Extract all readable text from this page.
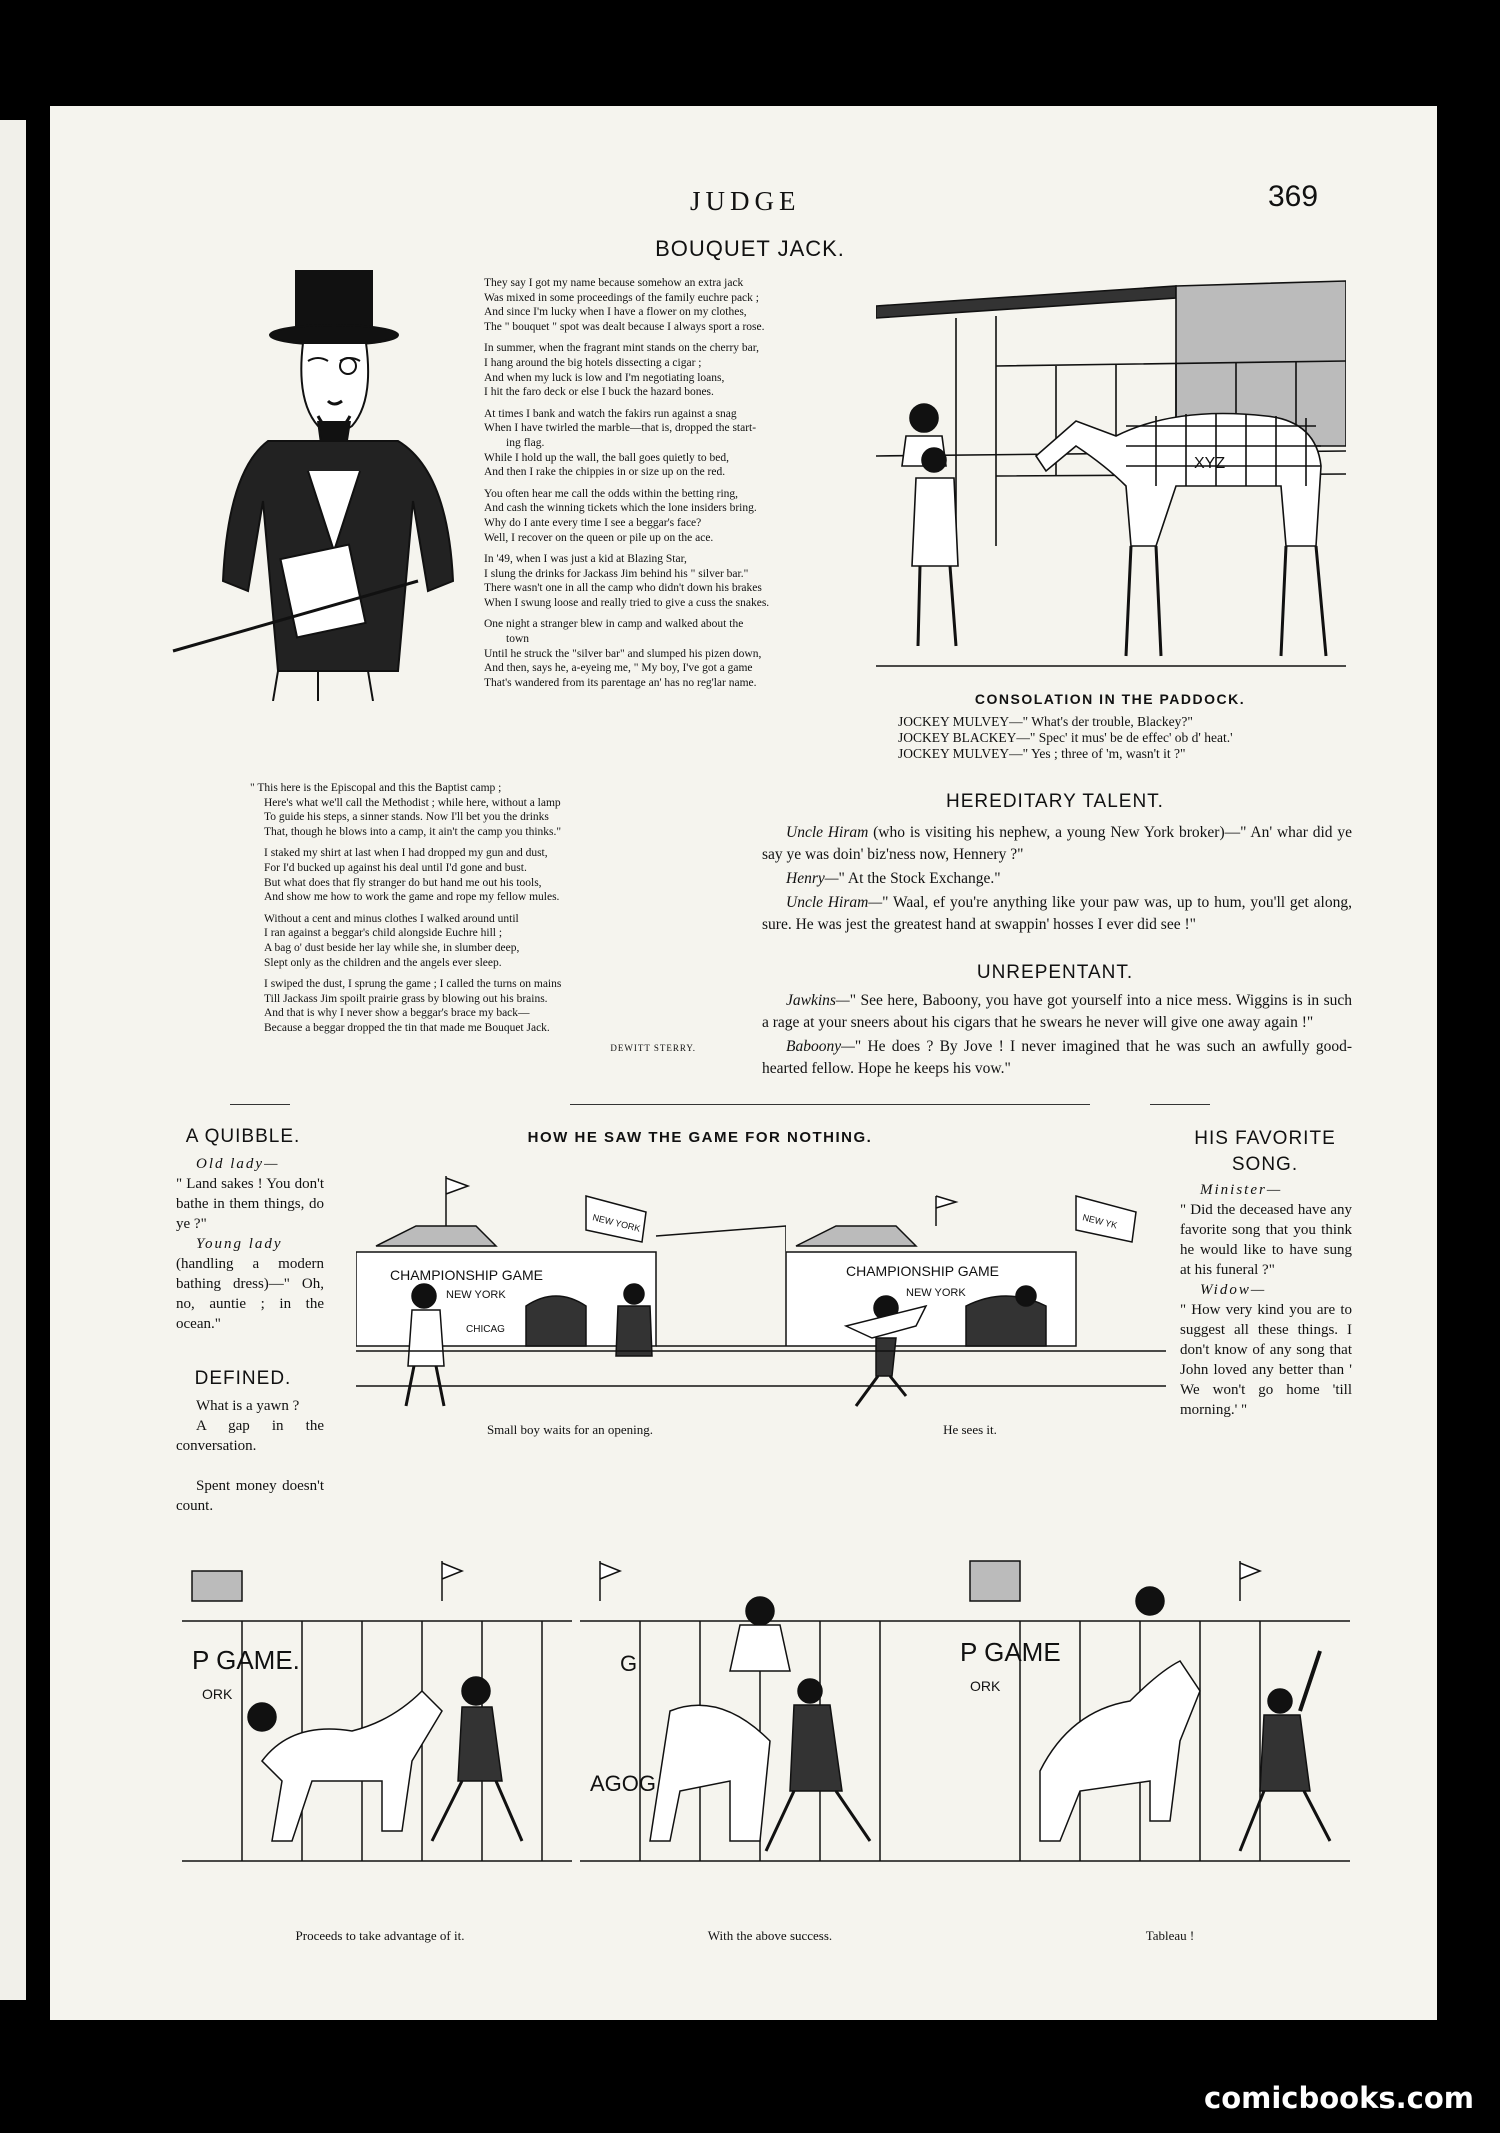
JUDGE	369
BOUQUET JACK.

They say I got my name because somehow an extra jack
Was mixed in some proceedings of the family euchre pack ;
And since I'm lucky when I have a flower on my clothes,
The " bouquet " spot was dealt because I always sport a rose.

In summer, when the fragrant mint stands on the cherry bar,
I hang around the big hotels dissecting a cigar ;
And when my luck is low and I'm negotiating loans,
I hit the faro deck or else I buck the hazard bones.

At times I bank and watch the fakirs run against a snag
When I have twirled the marble—that is, dropped the start-
ing flag.
While I hold up the wall, the ball goes quietly to bed,
And then I rake the chippies in or size up on the red.

You often hear me call the odds within the betting ring,
And cash the winning tickets which the lone insiders bring.
Why do I ante every time I see a beggar's face?
Well, I recover on the queen or pile up on the ace.

In '49, when I was just a kid at Blazing Star,
I slung the drinks for Jackass Jim behind his " silver bar."
There wasn't one in all the camp who didn't down his brakes
When I swung loose and really tried to give a cuss the snakes.

One night a stranger blew in camp and walked about the
town
Until he struck the "silver bar" and slumped his pizen down,
And then, says he, a-eyeing me, " My boy, I've got a game
That's wandered from its parentage an' has no reg'lar name.

" This here is the Episcopal and this the Baptist camp ;
Here's what we'll call the Methodist ; while here, without a lamp
To guide his steps, a sinner stands. Now I'll bet you the drinks
That, though he blows into a camp, it ain't the camp you thinks."

I staked my shirt at last when I had dropped my gun and dust,
For I'd bucked up against his deal until I'd gone and bust.
But what does that fly stranger do but hand me out his tools,
And show me how to work the game and rope my fellow mules.

Without a cent and minus clothes I walked around until
I ran against a beggar's child alongside Euchre hill ;
A bag o' dust beside her lay while she, in slumber deep,
Slept only as the children and the angels ever sleep.

I swiped the dust, I sprung the game ; I called the turns on mains
Till Jackass Jim spoilt prairie grass by blowing out his brains.
And that is why I never show a beggar's brace my back—
Because a beggar dropped the tin that made me Bouquet Jack.

DEWITT STERRY.
XYZ
CONSOLATION IN THE PADDOCK.
JOCKEY MULVEY—" What's der trouble, Blackey?"
JOCKEY BLACKEY—" Spec' it mus' be de effec' ob d' heat.'
JOCKEY MULVEY—" Yes ; three of 'm, wasn't it ?"
HEREDITARY TALENT.

Uncle Hiram (who is visiting his nephew, a young New York broker)—" An' whar did ye say ye was doin' biz'ness now, Hennery ?"

Henry—" At the Stock Exchange."

Uncle Hiram—" Waal, ef you're anything like your paw was, up to hum, you'll get along, sure. He was jest the greatest hand at swappin' hosses I ever did see !"

UNREPENTANT.

Jawkins—" See here, Baboony, you have got yourself into a nice mess. Wiggins is in such a rage at your sneers about his cigars that he swears he never will give one away again !"

Baboony—" He does ? By Jove ! I never imagined that he was such an awfully good-hearted fellow. Hope he keeps his vow."

A QUIBBLE.

Old lady—

" Land sakes ! You don't bathe in them things, do ye ?"

Young lady

(handling a modern bathing dress)—" Oh, no, auntie ; in the ocean."

DEFINED.

What is a yawn ?

A gap in the conversation.

Spent money doesn't count.

HOW HE SAW THE GAME FOR NOTHING.
CHAMPIONSHIP GAME
NEW YORK
CHICAG
NEW YORK
Small boy waits for an opening.
CHAMPIONSHIP GAME
NEW YORK
NEW YK
He sees it.
HIS FAVORITE SONG.

Minister—

" Did the deceased have any favorite song that you think he would like to have sung at his funeral ?"

Widow—

" How very kind you are to suggest all these things. I don't know of any song that John loved any better than ' We won't go home 'till morning.' "

P GAME.
ORK
Proceeds to take advantage of it.
G
AGOG
With the above success.
P GAME
ORK
Tableau !
comicbooks.com
